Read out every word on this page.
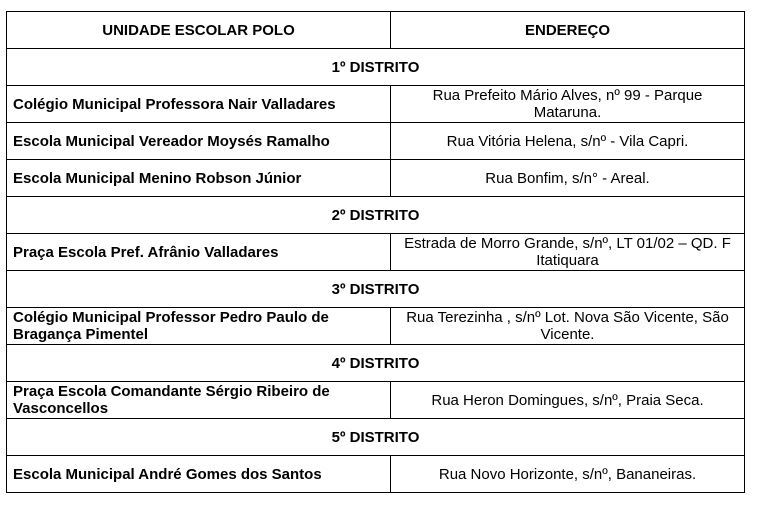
UNIDADE ESCOLAR POLO	ENDEREÇO
1º DISTRITO	
Colégio Municipal Professora Nair Valladares	Rua Prefeito Mário Alves, nº 99 - Parque Mataruna.
Escola Municipal Vereador Moysés Ramalho	Rua Vitória Helena, s/nº - Vila Capri.
Escola Municipal Menino Robson Júnior	Rua Bonfim, s/n° - Areal.
2º DISTRITO	
Praça Escola Pref. Afrânio Valladares	Estrada de Morro Grande, s/nº, LT 01/02 – QD. F Itatiquara
3º DISTRITO	
Colégio Municipal Professor Pedro Paulo de Bragança Pimentel	Rua Terezinha , s/nº Lot. Nova São Vicente, São Vicente.
4º DISTRITO	
Praça Escola Comandante Sérgio Ribeiro de Vasconcellos	Rua Heron Domingues, s/nº, Praia Seca.
5º DISTRITO	
Escola Municipal André Gomes dos Santos	Rua Novo Horizonte, s/nº, Bananeiras.
